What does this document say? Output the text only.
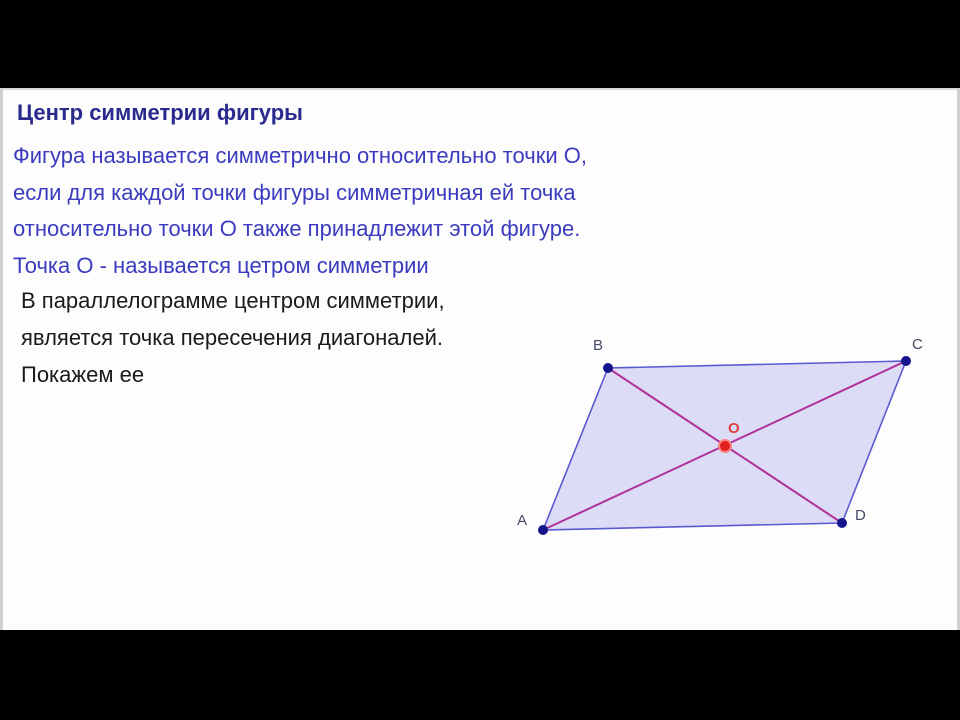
Центр симметрии фигуры
Фигура называется симметрично относительно точки О,
если для каждой точки фигуры симметричная ей точка
относительно точки О также принадлежит этой фигуре.
Точка О - называется цетром симметрии
В параллелограмме центром симметрии,
является точка пересечения диагоналей.
Покажем ее
A
B	C
D
O
